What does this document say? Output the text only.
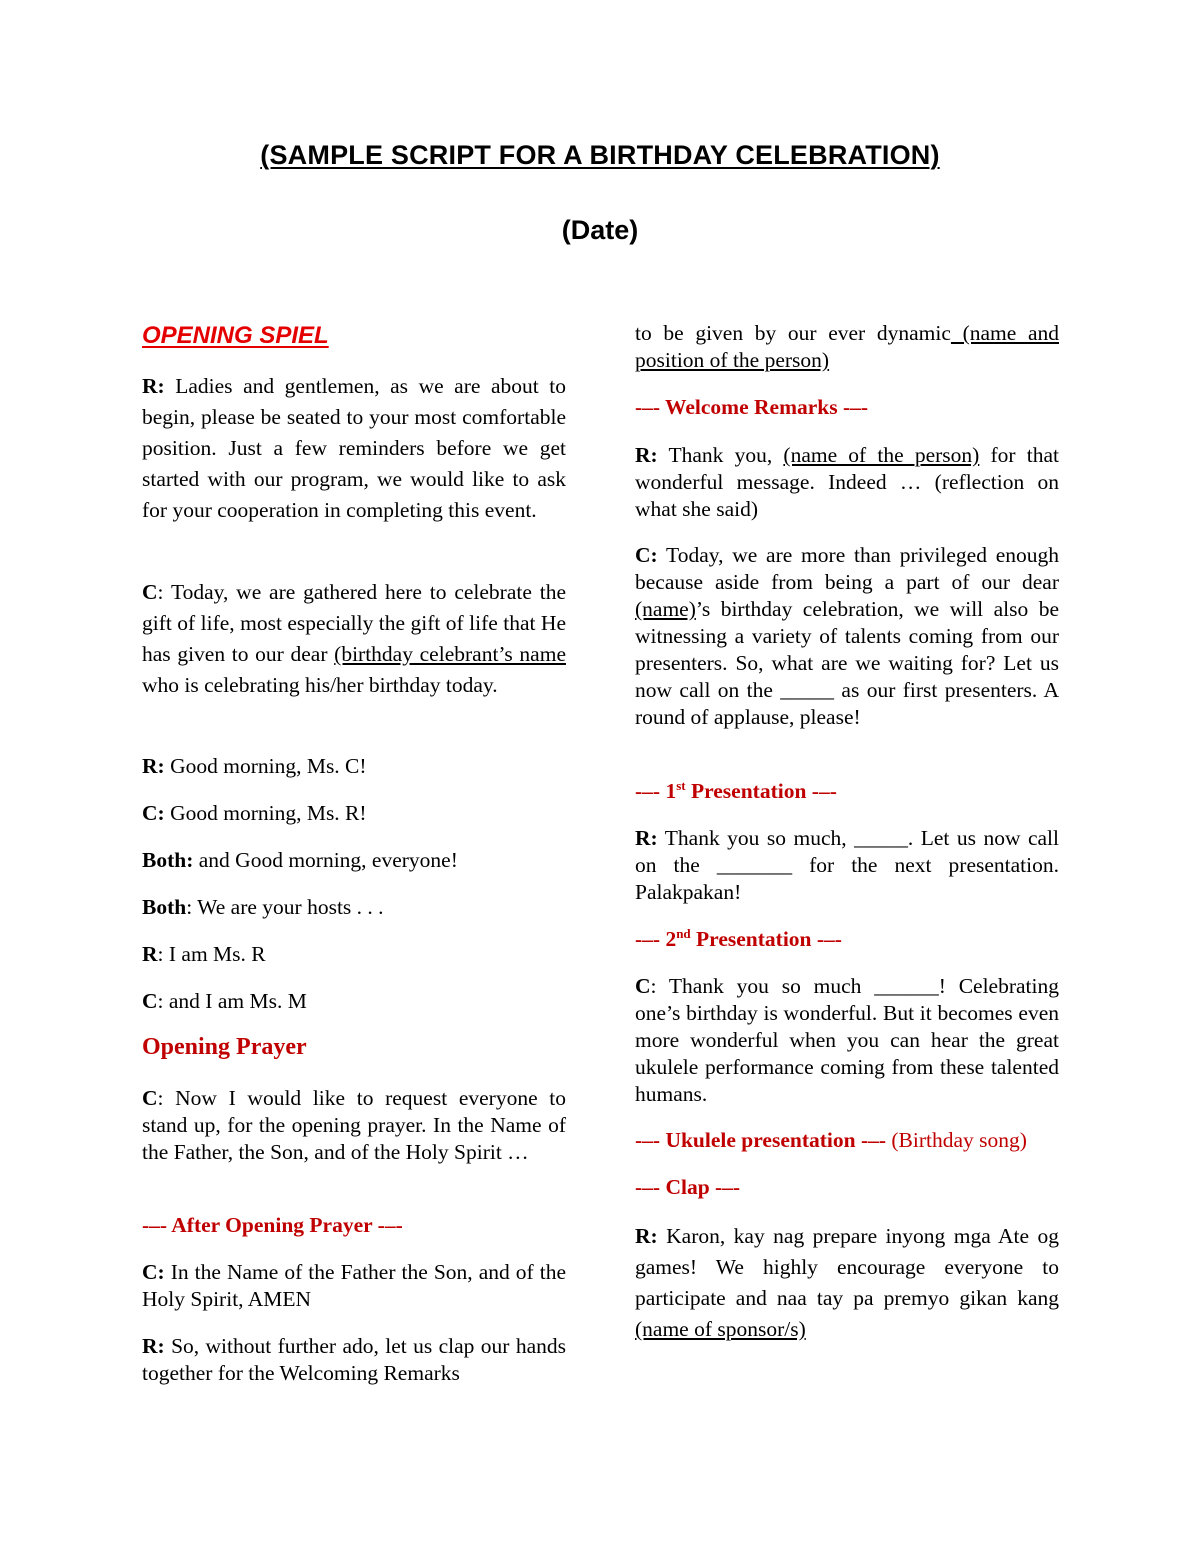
(SAMPLE SCRIPT FOR A BIRTHDAY CELEBRATION)
(Date)

OPENING SPIEL

R: Ladies and gentlemen, as we are about to begin, please be seated to your most comfortable position. Just a few reminders before we get started with our program, we would like to ask for your cooperation in completing this event.

C: Today, we are gathered here to celebrate the gift of life, most especially the gift of life that He has given to our dear (birthday celebrant’s name who is celebrating his/her birthday today.

R: Good morning, Ms. C!

C: Good morning, Ms. R!

Both: and Good morning, everyone!

Both: We are your hosts . . .

R: I am Ms. R

C: and I am Ms. M

Opening Prayer

C: Now I would like to request everyone to stand up, for the opening prayer. In the Name of the Father, the Son, and of the Holy Spirit …

-–- After Opening Prayer -–-

C: In the Name of the Father the Son, and of the Holy Spirit, AMEN

R: So, without further ado, let us clap our hands together for the Welcoming Remarks

to be given by our ever dynamic (name and position of the person)

-–- Welcome Remarks -–-

R: Thank you, (name of the person) for that wonderful message. Indeed … (reflection on what she said)

C: Today, we are more than privileged enough because aside from being a part of our dear (name)’s birthday celebration, we will also be witnessing a variety of talents coming from our presenters. So, what are we waiting for? Let us now call on the _____ as our first presenters. A round of applause, please!

-–- 1st Presentation -–-

R: Thank you so much, _____. Let us now call on the _______ for the next presentation. Palakpakan!

-–- 2nd Presentation -–-

C: Thank you so much ______! Celebrating one’s birthday is wonderful. But it becomes even more wonderful when you can hear the great ukulele performance coming from these talented humans.

-–- Ukulele presentation -–- (Birthday song)

-–- Clap -–-

R: Karon, kay nag prepare inyong mga Ate og games! We highly encourage everyone to participate and naa tay pa premyo gikan kang (name of sponsor/s)
